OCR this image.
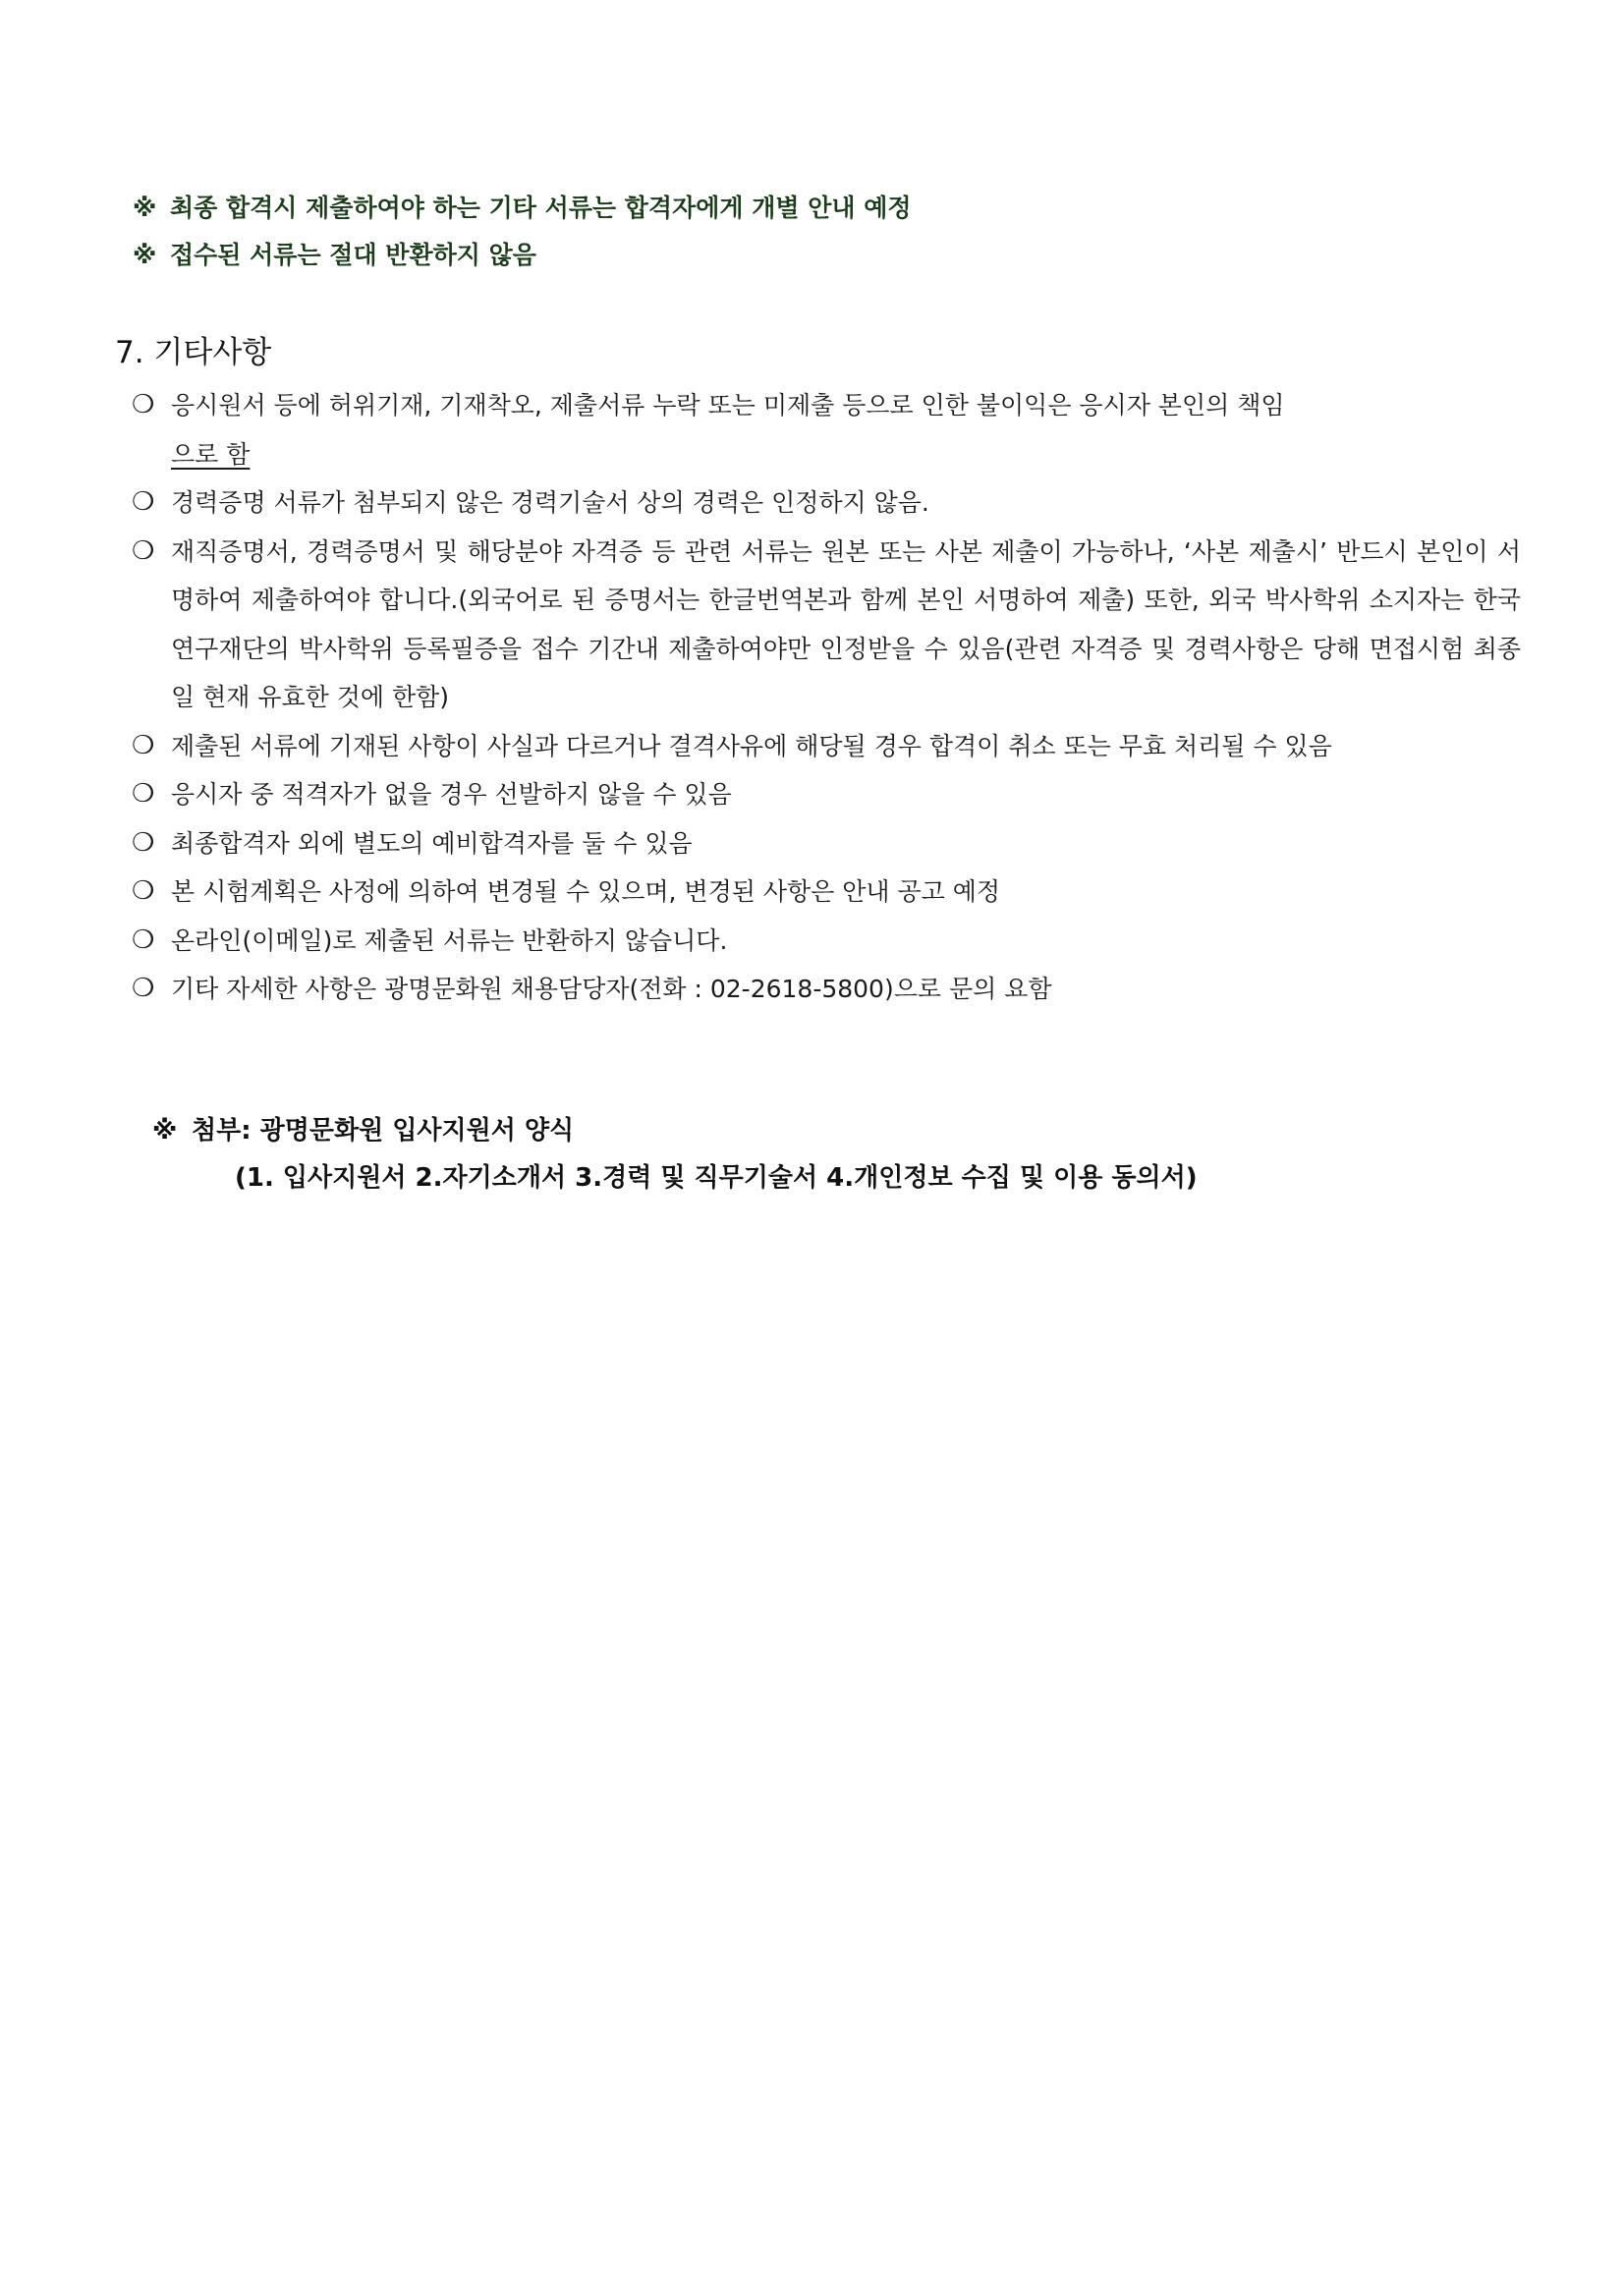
※ 최종 합격시 제출하여야 하는 기타 서류는 합격자에게 개별 안내 예정
※ 접수된 서류는 절대 반환하지 않음
7. 기타사항
❍ 응시원서 등에 허위기재, 기재착오, 제출서류 누락 또는 미제출 등으로 인한 불이익은 응시자 본인의 책임
으로 함
❍ 경력증명 서류가 첨부되지 않은 경력기술서 상의 경력은 인정하지 않음.
❍ 재직증명서, 경력증명서 및 해당분야 자격증 등 관련 서류는 원본 또는 사본 제출이 가능하나, ‘사본 제출시’ 반드시 본인이 서명하여 제출하여야 합니다.(외국어로 된 증명서는 한글번역본과 함께 본인 서명하여 제출) 또한, 외국 박사학위 소지자는 한국연구재단의 박사학위 등록필증을 접수 기간내 제출하여야만 인정받을 수 있음(관련 자격증 및 경력사항은 당해 면접시험 최종일 현재 유효한 것에 한함)
❍ 제출된 서류에 기재된 사항이 사실과 다르거나 결격사유에 해당될 경우 합격이 취소 또는 무효 처리될 수 있음
❍ 응시자 중 적격자가 없을 경우 선발하지 않을 수 있음
❍ 최종합격자 외에 별도의 예비합격자를 둘 수 있음
❍ 본 시험계획은 사정에 의하여 변경될 수 있으며, 변경된 사항은 안내 공고 예정
❍ 온라인(이메일)로 제출된 서류는 반환하지 않습니다.
❍ 기타 자세한 사항은 광명문화원 채용담당자(전화 : 02-2618-5800)으로 문의 요함
※ 첨부: 광명문화원 입사지원서 양식
(1. 입사지원서 2.자기소개서 3.경력 및 직무기술서 4.개인정보 수집 및 이용 동의서)
